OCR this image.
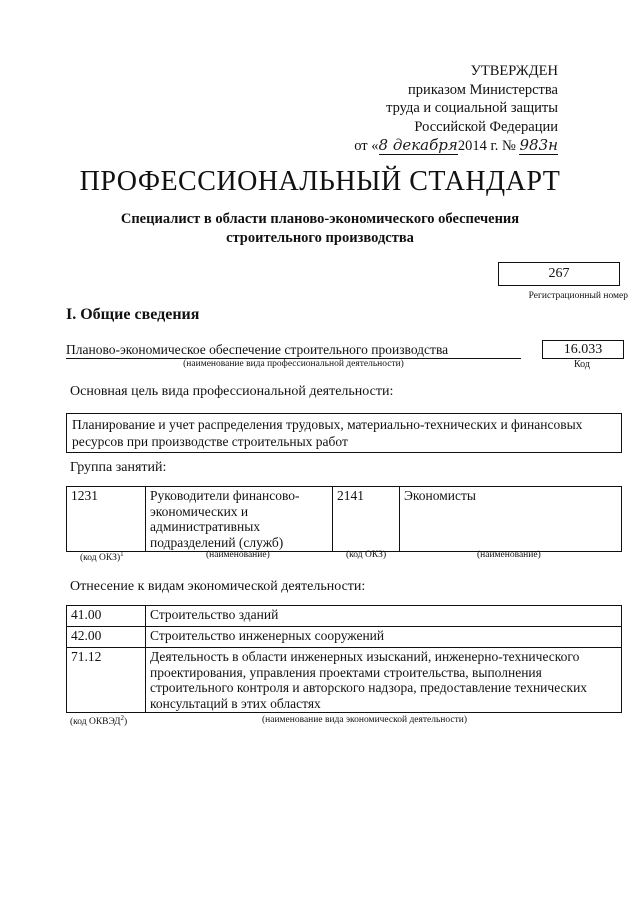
УТВЕРЖДЕН
приказом Министерства
труда и социальной защиты
Российской Федерации
от «8 декабря2014 г. № 983н
ПРОФЕССИОНАЛЬНЫЙ СТАНДАРТ
Специалист в области планово-экономического обеспечения
строительного производства
267
Регистрационный номер
I. Общие сведения
Планово-экономическое обеспечение строительного производства
(наименование вида профессиональной деятельности)
16.033
Код
Основная цель вида профессиональной деятельности:
Планирование и учет распределения трудовых, материально-технических и финансовых ресурсов при производстве строительных работ
Группа занятий:
1231	Руководители финансово-экономических и административных подразделений (служб)	2141	Экономисты
(код ОКЗ)$^1$	(наименование)	(код ОКЗ)	(наименование)
Отнесение к видам экономической деятельности:
41.00	Строительство зданий
42.00	Строительство инженерных сооружений
71.12	Деятельность в области инженерных изысканий, инженерно-технического проектирования, управления проектами строительства, выполнения строительного контроля и авторского надзора, предоставление технических консультаций в этих областях
(код ОКВЭД$^2$)	(наименование вида экономической деятельности)
